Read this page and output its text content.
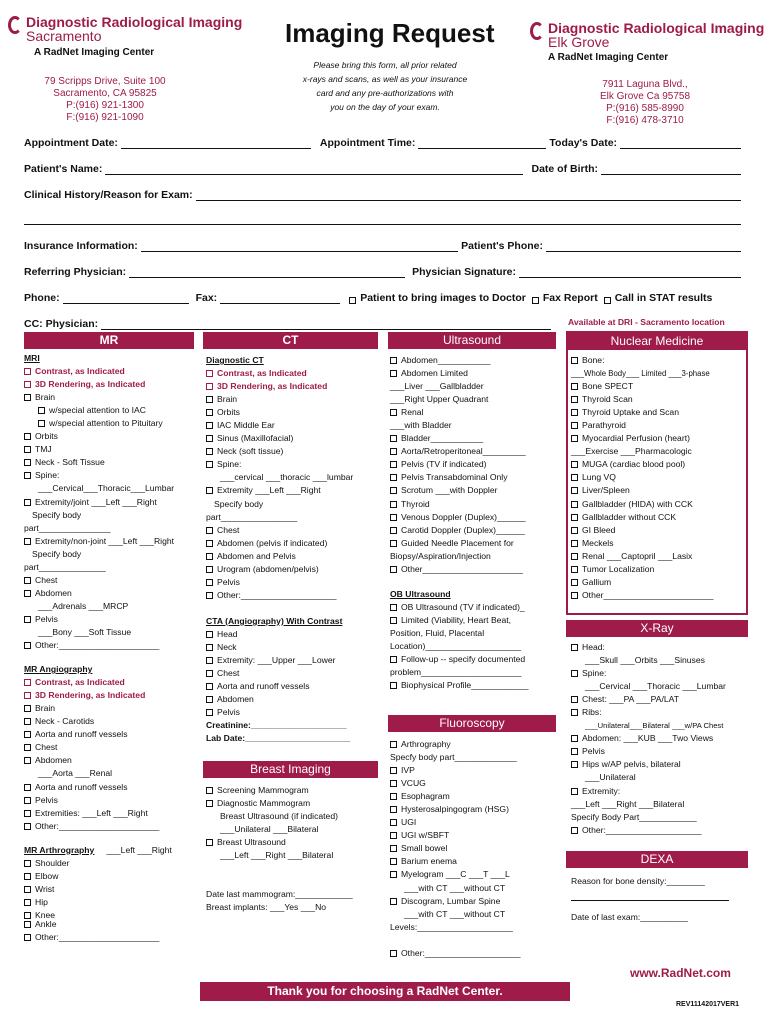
Diagnostic Radiological Imaging
Sacramento
A RadNet Imaging Center
79 Scripps Drive, Suite 100
Sacramento, CA 95825
P:(916) 921-1300
F:(916) 921-1090
Imaging Request
Please bring this form, all prior related
x-rays and scans, as well as your insurance
card and any pre-authorizations with
you on the day of your exam.
Diagnostic Radiological Imaging
Elk Grove
A RadNet Imaging Center
7911 Laguna Blvd.,
Elk Grove Ca 95758
P:(916) 585-8990
F:(916) 478-3710
Appointment Date:	Appointment Time:	Today's Date:
Patient's Name:	Date of Birth:
Clinical History/Reason for Exam:
Insurance Information:	Patient's Phone:
Referring Physician:	Physician Signature:
Phone:	Fax:	Patient to bring images to Doctor Fax Report Call in STAT results
CC: Physician:	Available at DRI - Sacramento location
MR	CT	Ultrasound	Nuclear Medicine
MRI
Contrast, as Indicated
3D Rendering, as Indicated
Brain
w/special attention to IAC
w/special attention to Pituitary
Orbits
TMJ
Neck - Soft Tissue
Spine:
___Cervical___Thoracic___Lumbar
Extremity/joint ___Left ___Right
Specify body
part_______________
Extremity/non-joint ___Left ___Right
Specify body
part______________
Chest
Abdomen
___Adrenals ___MRCP
Pelvis
___Bony ___Soft Tissue
Other:_____________________
MR Angiography
Contrast, as Indicated
3D Rendering, as Indicated
Brain
Neck - Carotids
Aorta and runoff vessels
Chest
Abdomen
___Aorta ___Renal
Aorta and runoff vessels
Pelvis
Extremities: ___Left ___Right
Other:_____________________
MR Arthrography ___Left ___Right
Shoulder
Elbow
Wrist
Hip
Knee
Ankle
Other:_____________________
Diagnostic CT
Contrast, as Indicated
3D Rendering, as Indicated
Brain
Orbits
IAC Middle Ear
Sinus (Maxillofacial)
Neck (soft tissue)
Spine:
___cervical ___thoracic ___lumbar
Extremity ___Left ___Right
Specify body
part________________
Chest
Abdomen (pelvis if indicated)
Abdomen and Pelvis
Urogram (abdomen/pelvis)
Pelvis
Other:____________________
CTA (Angiography) With Contrast
Head
Neck
Extremity: ___Upper ___Lower
Chest
Aorta and runoff vessels
Abdomen
Pelvis
Creatinine:____________________
Lab Date:______________________
Breast Imaging
Screening Mammogram
Diagnostic Mammogram
Breast Ultrasound (if indicated)
___Unilateral ___Bilateral
Breast Ultrasound
___Left ___Right ___Bilateral
Date last mammogram:____________
Breast implants: ___Yes ___No
Abdomen___________
Abdomen Limited
___Liver ___Gallbladder
___Right Upper Quadrant
Renal
___with Bladder
Bladder___________
Aorta/Retroperitoneal_________
Pelvis (TV if indicated)
Pelvis Transabdominal Only
Scrotum ___with Doppler
Thyroid
Venous Doppler (Duplex)______
Carotid Doppler (Duplex)______
Guided Needle Placement for
Biopsy/Aspiration/Injection
Other_____________________
OB Ultrasound
OB Ultrasound (TV if indicated)_
Limited (Viability, Heart Beat,
Position, Fluid, Placental
Location)____________________
Follow-up -- specify documented
problem_____________________
Biophysical Profile____________
Fluoroscopy
Arthrography
Specfy body part_____________
IVP
VCUG
Esophagram
Hysterosalpingogram (HSG)
UGI
UGI w/SBFT
Small bowel
Barium enema
Myelogram ___C ___T ___L
___with CT ___without CT
Discogram, Lumbar Spine
___with CT ___without CT
Levels:____________________
Other:____________________
Bone:
___Whole Body___ Limited ___3-phase
Bone SPECT
Thyroid Scan
Thyroid Uptake and Scan
Parathyroid
Myocardial Perfusion (heart)
___Exercise ___Pharmacologic
MUGA (cardiac blood pool)
Lung VQ
Liver/Spleen
Gallbladder (HIDA) with CCK
Gallbladder without CCK
GI Bleed
Meckels
Renal ___Captopril ___Lasix
Tumor Localization
Gallium
Other_______________________
X-Ray
Head:
___Skull ___Orbits ___Sinuses
Spine:
___Cervical ___Thoracic ___Lumbar
Chest: ___PA ___PA/LAT
Ribs:
___Unilateral___Bilateral ___w/PA Chest
Abdomen: ___KUB ___Two Views
Pelvis
Hips w/AP pelvis, bilateral
___Unilateral
Extremity:
___Left ___Right ___Bilateral
Specify Body Part____________
Other:____________________
DEXA
Reason for bone density:________
Date of last exam:__________
www.RadNet.com
Thank you for choosing a RadNet Center.
REV11142017VER1
